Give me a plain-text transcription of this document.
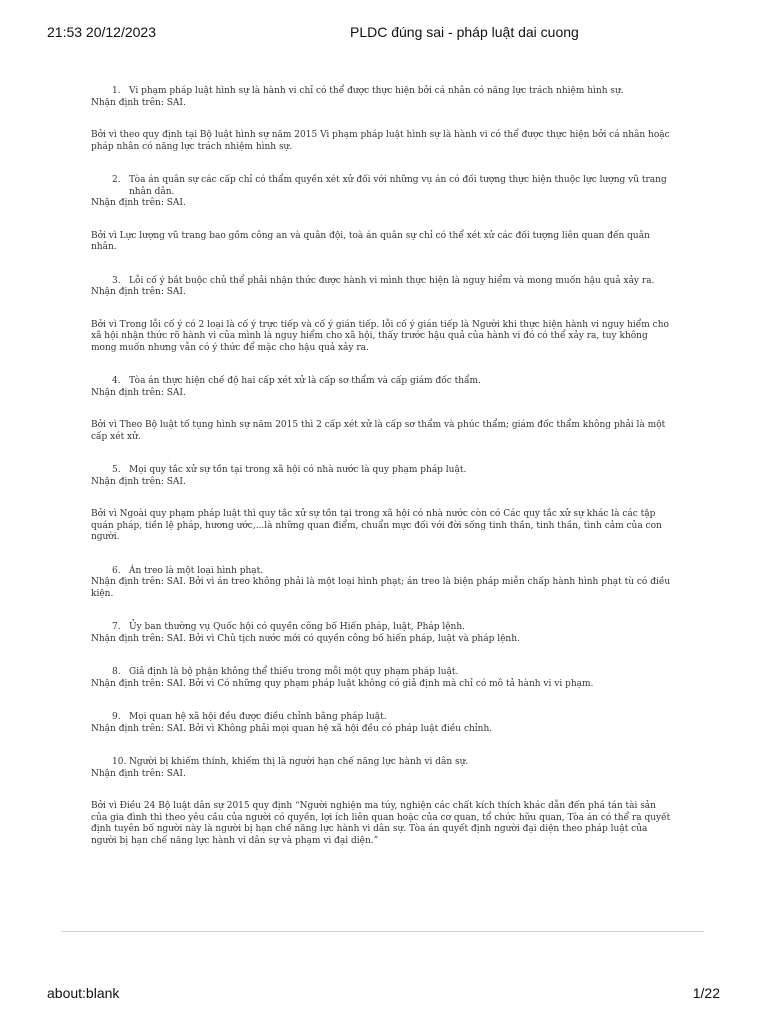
21:53 20/12/2023	PLDC đúng sai - pháp luật dai cuong
1. Vi phạm pháp luật hình sự là hành vi chỉ có thể được thực hiện bởi cá nhân có năng lực trách nhiệm hình sự.
Nhận định trên: SAI.
Bởi vì theo quy định tại Bộ luật hình sự năm 2015 Vi phạm pháp luật hình sự là hành vi có thể được thực hiện bởi cá nhân hoặc pháp nhân có năng lực trách nhiệm hình sự.
2. Tòa án quân sự các cấp chỉ có thẩm quyền xét xử đối với những vụ án có đối tượng thực hiện thuộc lực lượng vũ trang nhân dân.
Nhận định trên: SAI.
Bởi vì Lực lượng vũ trang bao gồm công an và quân đội, toà án quân sự chỉ có thể xét xử các đối tượng liên quan đến quân nhân.
3. Lỗi cố ý bắt buộc chủ thể phải nhận thức được hành vi mình thực hiện là nguy hiểm và mong muốn hậu quả xảy ra.
Nhận định trên: SAI.
Bởi vì Trong lỗi cố ý có 2 loại là cố ý trực tiếp và cố ý gián tiếp. lỗi cố ý gián tiếp là Người khi thực hiện hành vi nguy hiểm cho xã hội nhận thức rõ hành vi của mình là nguy hiểm cho xã hội, thấy trước hậu quả của hành vi đó có thể xảy ra, tuy không mong muốn nhưng vẫn có ý thức để mặc cho hậu quả xảy ra.
4. Tòa án thực hiện chế độ hai cấp xét xử là cấp sơ thẩm và cấp giám đốc thẩm.
Nhận định trên: SAI.
Bởi vì Theo Bộ luật tố tụng hình sự năm 2015 thì 2 cấp xét xử là cấp sơ thẩm và phúc thẩm; giám đốc thẩm không phải là một cấp xét xử.
5. Mọi quy tắc xử sự tồn tại trong xã hội có nhà nước là quy phạm pháp luật.
Nhận định trên: SAI.
Bởi vì Ngoài quy phạm pháp luật thì quy tắc xử sự tồn tại trong xã hội có nhà nước còn có Các quy tắc xử sự khác là các tập quán pháp, tiền lệ pháp, hương ước,...là những quan điểm, chuẩn mực đối với đời sống tinh thần, tinh thần, tình cảm của con người.
6. Án treo là một loại hình phạt.
Nhận định trên: SAI. Bởi vì án treo không phải là một loại hình phạt; án treo là biện pháp miễn chấp hành hình phạt tù có điều kiện.
7. Ủy ban thường vụ Quốc hội có quyền công bố Hiến pháp, luật, Pháp lệnh.
Nhận định trên: SAI. Bởi vì Chủ tịch nước mới có quyền công bố hiến pháp, luật và pháp lệnh.
8. Giả định là bộ phận không thể thiếu trong mỗi một quy phạm pháp luật.
Nhận định trên: SAI. Bởi vì Có những quy phạm pháp luật không có giả định mà chỉ có mô tả hành vi vi phạm.
9. Mọi quan hệ xã hội đều được điều chỉnh bằng pháp luật.
Nhận định trên: SAI. Bởi vì Không phải mọi quan hệ xã hội đều có pháp luật điều chỉnh.
10. Người bị khiếm thính, khiếm thị là người hạn chế năng lực hành vi dân sự.
Nhận định trên: SAI.
Bởi vì Điều 24 Bộ luật dân sự 2015 quy định “Người nghiện ma túy, nghiện các chất kích thích khác dẫn đến phá tán tài sản của gia đình thì theo yêu cầu của người có quyền, lợi ích liên quan hoặc của cơ quan, tổ chức hữu quan, Tòa án có thể ra quyết định tuyên bố người này là người bị hạn chế năng lực hành vi dân sự. Tòa án quyết định người đại diện theo pháp luật của người bị hạn chế năng lực hành vi dân sự và phạm vi đại diện.”
about:blank	1/22
